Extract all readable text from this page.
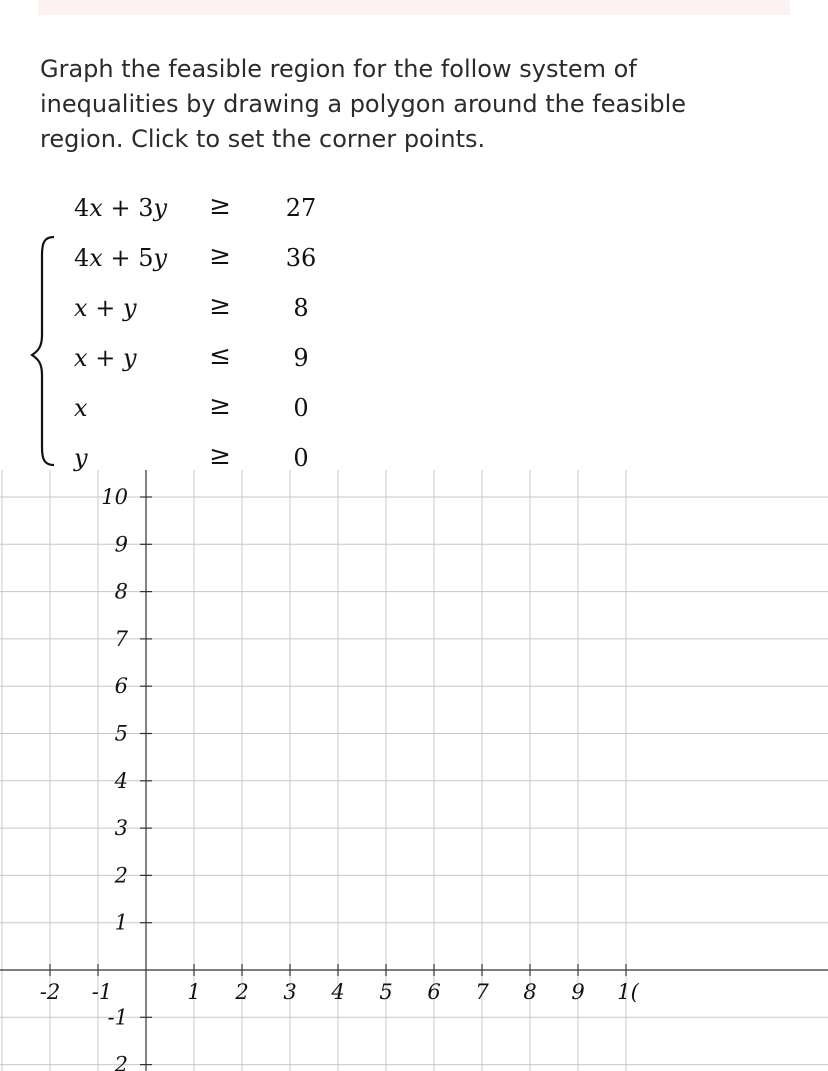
Graph the feasible region for the follow system of
inequalities by drawing a polygon around the feasible
region. Click to set the corner points.
4x + 3y ≥	27
4x + 5y ≥	36
x + y	≥	8
x + y	≤	9
x	≥	0
y	≥	0
10
9
8
7
6
5
4
3
2
1
-1
2
-2 -1	1 2 3 4 5 6 7 8 9 1(
